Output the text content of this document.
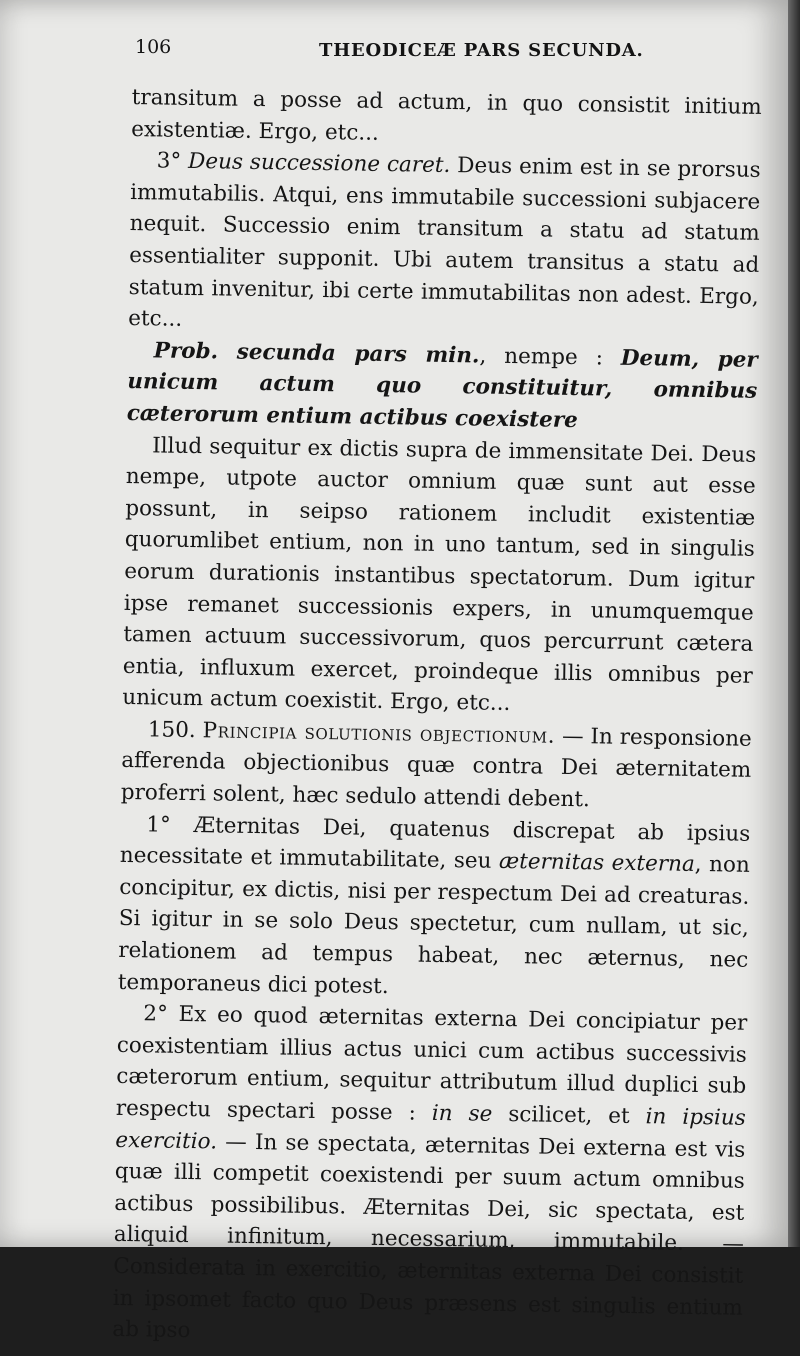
106	THEODICEÆ PARS SECUNDA.

transitum a posse ad actum, in quo consistit initium existentiæ. Ergo, etc...

3° Deus successione caret. Deus enim est in se prorsus immutabilis. Atqui, ens immutabile successioni subjacere nequit. Successio enim transitum a statu ad statum essentialiter supponit. Ubi autem transitus a statu ad statum invenitur, ibi certe immutabilitas non adest. Ergo, etc...

Prob. secunda pars min., nempe : Deum, per unicum actum quo constituitur, omnibus cæterorum entium actibus coexistere

Illud sequitur ex dictis supra de immensitate Dei. Deus nempe, utpote auctor omnium quæ sunt aut esse possunt, in seipso rationem includit existentiæ quorumlibet entium, non in uno tantum, sed in singulis eorum durationis instantibus spectatorum. Dum igitur ipse remanet successionis expers, in unumquemque tamen actuum successivorum, quos percurrunt cætera entia, influxum exercet, proindeque illis omnibus per unicum actum coexistit. Ergo, etc...

150. Principia solutionis objectionum. — In responsione afferenda objectionibus quæ contra Dei æternitatem proferri solent, hæc sedulo attendi debent.

1° Æternitas Dei, quatenus discrepat ab ipsius necessitate et immutabilitate, seu æternitas externa, non concipitur, ex dictis, nisi per respectum Dei ad creaturas. Si igitur in se solo Deus spectetur, cum nullam, ut sic, relationem ad tempus habeat, nec æternus, nec temporaneus dici potest.

2° Ex eo quod æternitas externa Dei concipiatur per coexistentiam illius actus unici cum actibus successivis cæterorum entium, sequitur attributum illud duplici sub respectu spectari posse : in se scilicet, et in ipsius exercitio. — In se spectata, æternitas Dei externa est vis quæ illi competit coexistendi per suum actum omnibus actibus possibilibus. Æternitas Dei, sic spectata, est aliquid infinitum, necessarium, immutabile. — Considerata in exercitio, æternitas externa Dei consistit in ipsomet facto quo Deus præsens est singulis entium ab ipso
